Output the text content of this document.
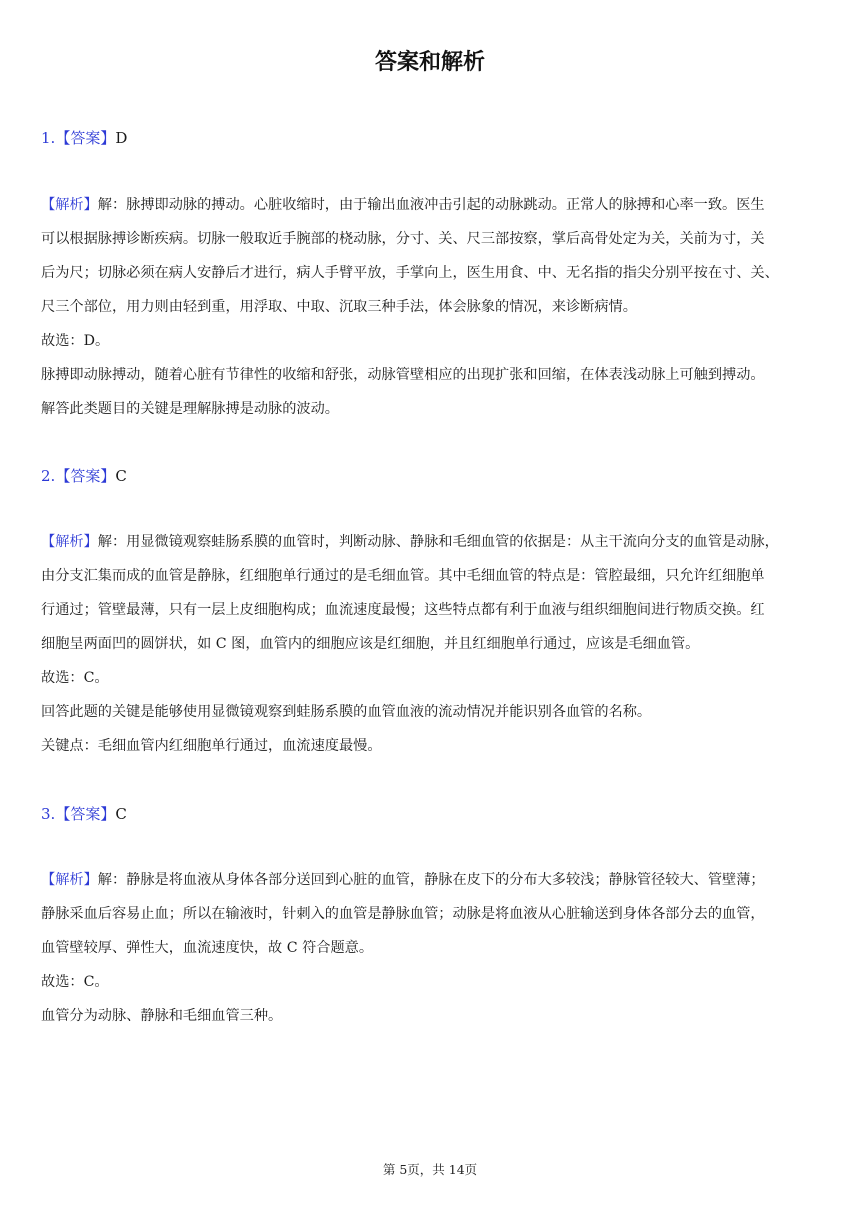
答案和解析
1.【答案】D
【解析】解：脉搏即动脉的搏动。心脏收缩时，由于输出血液冲击引起的动脉跳动。正常人的脉搏和心率一致。医生
可以根据脉搏诊断疾病。切脉一般取近手腕部的桡动脉，分寸、关、尺三部按察，掌后高骨处定为关，关前为寸，关
后为尺；切脉必须在病人安静后才进行，病人手臂平放，手掌向上，医生用食、中、无名指的指尖分别平按在寸、关、
尺三个部位，用力则由轻到重，用浮取、中取、沉取三种手法，体会脉象的情况，来诊断病情。
故选：D。
脉搏即动脉搏动，随着心脏有节律性的收缩和舒张，动脉管壁相应的出现扩张和回缩，在体表浅动脉上可触到搏动。
解答此类题目的关键是理解脉搏是动脉的波动。
2.【答案】C
【解析】解：用显微镜观察蛙肠系膜的血管时，判断动脉、静脉和毛细血管的依据是：从主干流向分支的血管是动脉，
由分支汇集而成的血管是静脉，红细胞单行通过的是毛细血管。其中毛细血管的特点是：管腔最细，只允许红细胞单
行通过；管壁最薄，只有一层上皮细胞构成；血流速度最慢；这些特点都有利于血液与组织细胞间进行物质交换。红
细胞呈两面凹的圆饼状，如 C 图，血管内的细胞应该是红细胞，并且红细胞单行通过，应该是毛细血管。
故选：C。
回答此题的关键是能够使用显微镜观察到蛙肠系膜的血管血液的流动情况并能识别各血管的名称。
关键点：毛细血管内红细胞单行通过，血流速度最慢。
3.【答案】C
【解析】解：静脉是将血液从身体各部分送回到心脏的血管，静脉在皮下的分布大多较浅；静脉管径较大、管壁薄；
静脉采血后容易止血；所以在输液时，针刺入的血管是静脉血管；动脉是将血液从心脏输送到身体各部分去的血管，
血管壁较厚、弹性大，血流速度快，故 C 符合题意。
故选：C。
血管分为动脉、静脉和毛细血管三种。
第 5页，共 14页
